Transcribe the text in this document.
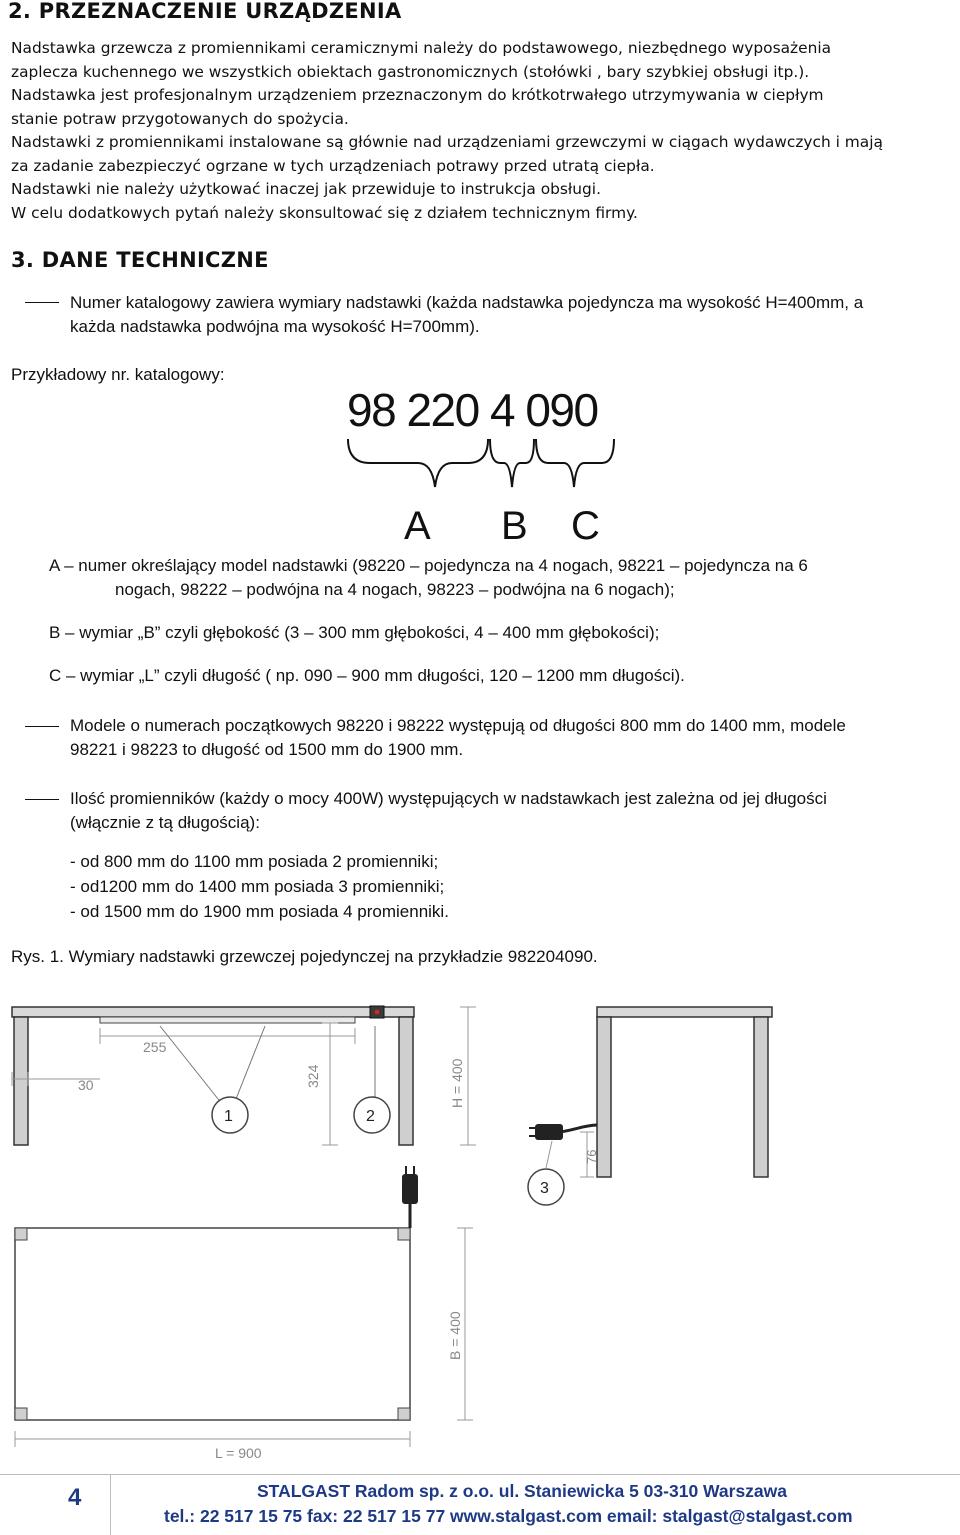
2. PRZEZNACZENIE URZĄDZENIA
Nadstawka grzewcza z promiennikami ceramicznymi należy do podstawowego, niezbędnego wyposażenia
zaplecza kuchennego we wszystkich obiektach gastronomicznych (stołówki , bary szybkiej obsługi itp.).
Nadstawka jest profesjonalnym urządzeniem przeznaczonym do krótkotrwałego utrzymywania w ciepłym
stanie potraw przygotowanych do spożycia.
Nadstawki z promiennikami instalowane są głównie nad urządzeniami grzewczymi w ciągach wydawczych i mają
za zadanie zabezpieczyć ogrzane w tych urządzeniach potrawy przed utratą ciepła.
Nadstawki nie należy użytkować inaczej jak przewiduje to instrukcja obsługi.
W celu dodatkowych pytań należy skonsultować się z działem technicznym firmy.
3. DANE TECHNICZNE
Numer katalogowy zawiera wymiary nadstawki (każda nadstawka pojedyncza ma wysokość H=400mm, a
każda nadstawka podwójna ma wysokość H=700mm).
Przykładowy nr. katalogowy:
98 220 4 090
A B C
A – numer określający model nadstawki (98220 – pojedyncza na 4 nogach, 98221 – pojedyncza na 6
nogach, 98222 – podwójna na 4 nogach, 98223 – podwójna na 6 nogach);
B – wymiar „B” czyli głębokość (3 – 300 mm głębokości, 4 – 400 mm głębokości);
C – wymiar „L” czyli długość ( np. 090 – 900 mm długości, 120 – 1200 mm długości).
Modele o numerach początkowych 98220 i 98222 występują od długości 800 mm do 1400 mm, modele
98221 i 98223 to długość od 1500 mm do 1900 mm.
Ilość promienników (każdy o mocy 400W) występujących w nadstawkach jest zależna od jej długości
(włącznie z tą długością):
- od 800 mm do 1100 mm posiada 2 promienniki;
- od1200 mm do 1400 mm posiada 3 promienniki;
- od 1500 mm do 1900 mm posiada 4 promienniki.
Rys. 1. Wymiary nadstawki grzewczej pojedynczej na przykładzie 982204090.
255
30	324	H = 400
1	2
76
3
B = 400
L = 900
4	STALGAST Radom sp. z o.o. ul. Staniewicka 5 03-310 Warszawa
tel.: 22 517 15 75 fax: 22 517 15 77 www.stalgast.com email: stalgast@stalgast.com
